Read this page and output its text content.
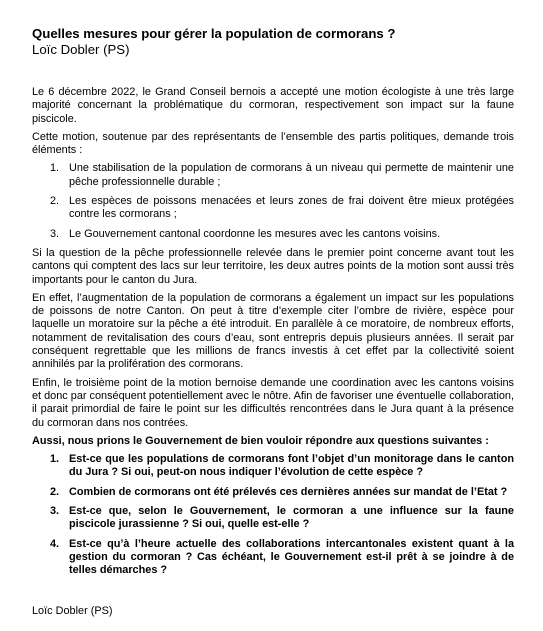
Quelles mesures pour gérer la population de cormorans ?

Loïc Dobler (PS)

Le 6 décembre 2022, le Grand Conseil bernois a accepté une motion écologiste à une très large majorité concernant la problématique du cormoran, respectivement son impact sur la faune piscicole.

Cette motion, soutenue par des représentants de l’ensemble des partis politiques, demande trois éléments :

1. Une stabilisation de la population de cormorans à un niveau qui permette de maintenir une pêche professionnelle durable ;
2. Les espèces de poissons menacées et leurs zones de frai doivent être mieux protégées contre les cormorans ;
3. Le Gouvernement cantonal coordonne les mesures avec les cantons voisins.

Si la question de la pêche professionnelle relevée dans le premier point concerne avant tout les cantons qui comptent des lacs sur leur territoire, les deux autres points de la motion sont aussi très importants pour le canton du Jura.

En effet, l’augmentation de la population de cormorans a également un impact sur les populations de poissons de notre Canton. On peut à titre d’exemple citer l’ombre de rivière, espèce pour laquelle un moratoire sur la pêche a été introduit. En parallèle à ce moratoire, de nombreux efforts, notamment de revitalisation des cours d’eau, sont entrepris depuis plusieurs années. Il serait par conséquent regrettable que les millions de francs investis à cet effet par la collectivité soient annihilés par la prolifération des cormorans.

Enfin, le troisième point de la motion bernoise demande une coordination avec les cantons voisins et donc par conséquent potentiellement avec le nôtre. Afin de favoriser une éventuelle collaboration, il parait primordial de faire le point sur les difficultés rencontrées dans le Jura quant à la présence du cormoran dans nos contrées.

Aussi, nous prions le Gouvernement de bien vouloir répondre aux questions suivantes :

1. Est-ce que les populations de cormorans font l’objet d’un monitorage dans le canton du Jura ? Si oui, peut-on nous indiquer l’évolution de cette espèce ?
2. Combien de cormorans ont été prélevés ces dernières années sur mandat de l’Etat ?
3. Est-ce que, selon le Gouvernement, le cormoran a une influence sur la faune piscicole jurassienne ? Si oui, quelle est-elle ?
4. Est-ce qu’à l’heure actuelle des collaborations intercantonales existent quant à la gestion du cormoran ? Cas échéant, le Gouvernement est-il prêt à se joindre à de telles démarches ?
Loïc Dobler (PS)
